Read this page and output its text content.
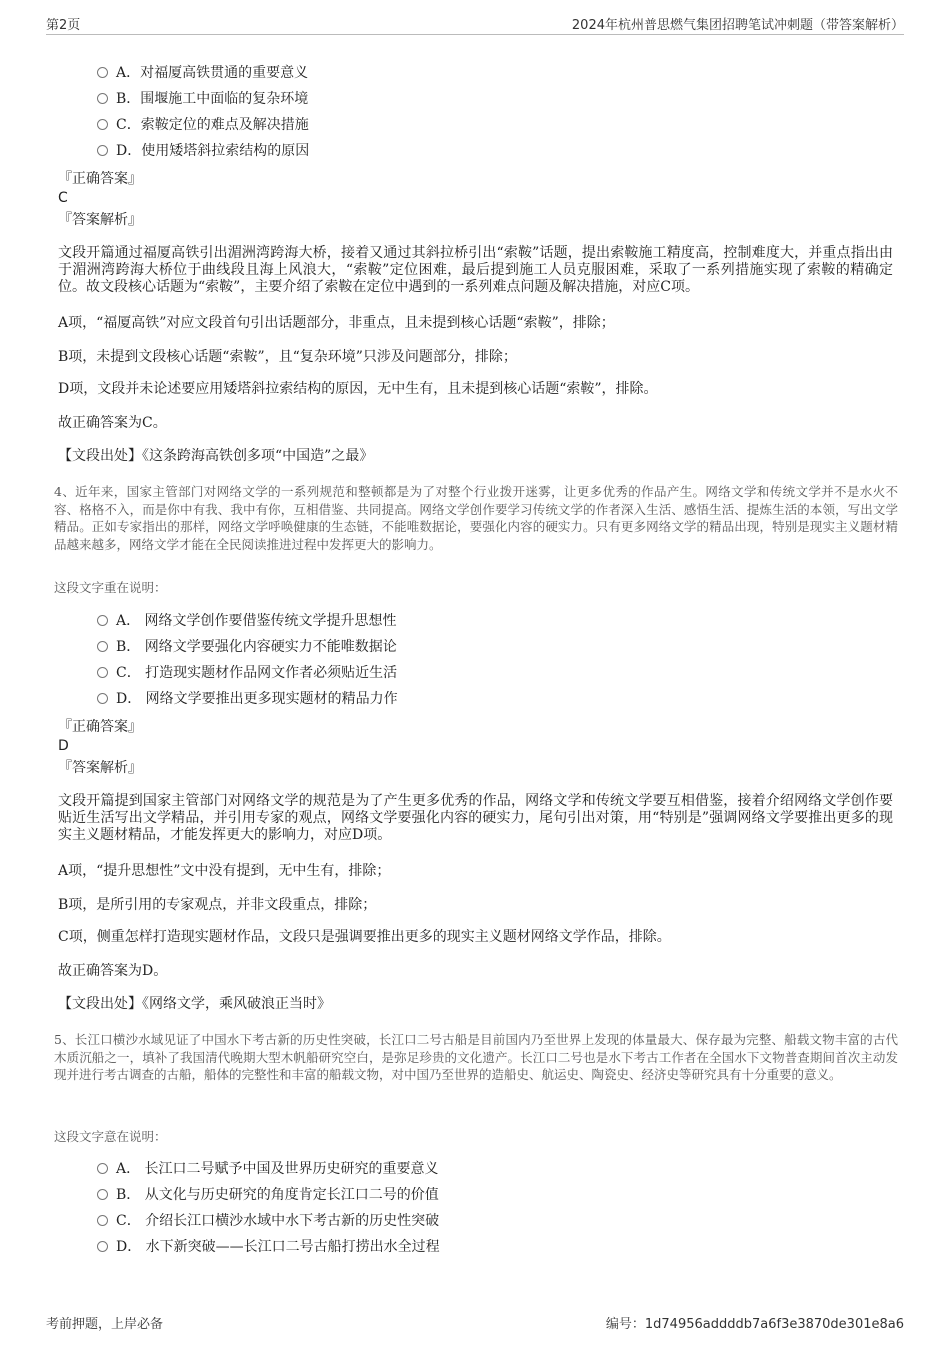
第2页	2024年杭州普思燃气集团招聘笔试冲刺题（带答案解析）
A．对福厦高铁贯通的重要意义
B．围堰施工中面临的复杂环境
C．索鞍定位的难点及解决措施
D．使用矮塔斜拉索结构的原因
『正确答案』
C
『答案解析』
文段开篇通过福厦高铁引出湄洲湾跨海大桥，接着又通过其斜拉桥引出“索鞍”话题，提出索鞍施工精度高，控制难度大，并重点指出由于湄洲湾跨海大桥位于曲线段且海上风浪大，“索鞍”定位困难，最后提到施工人员克服困难，采取了一系列措施实现了索鞍的精确定位。故文段核心话题为“索鞍”，主要介绍了索鞍在定位中遇到的一系列难点问题及解决措施，对应C项。
A项，“福厦高铁”对应文段首句引出话题部分，非重点，且未提到核心话题“索鞍”，排除；
B项，未提到文段核心话题“索鞍”，且“复杂环境”只涉及问题部分，排除；
D项，文段并未论述要应用矮塔斜拉索结构的原因，无中生有，且未提到核心话题“索鞍”，排除。
故正确答案为C。
【文段出处】《这条跨海高铁创多项“中国造”之最》
4、近年来，国家主管部门对网络文学的一系列规范和整顿都是为了对整个行业拨开迷雾，让更多优秀的作品产生。网络文学和传统文学并不是水火不容、格格不入，而是你中有我、我中有你，互相借鉴、共同提高。网络文学创作要学习传统文学的作者深入生活、感悟生活、提炼生活的本领，写出文学精品。正如专家指出的那样，网络文学呼唤健康的生态链，不能唯数据论，要强化内容的硬实力。只有更多网络文学的精品出现，特别是现实主义题材精品越来越多，网络文学才能在全民阅读推进过程中发挥更大的影响力。
这段文字重在说明：
A． 网络文学创作要借鉴传统文学提升思想性
B． 网络文学要强化内容硬实力不能唯数据论
C． 打造现实题材作品网文作者必须贴近生活
D． 网络文学要推出更多现实题材的精品力作
『正确答案』
D
『答案解析』
文段开篇提到国家主管部门对网络文学的规范是为了产生更多优秀的作品，网络文学和传统文学要互相借鉴，接着介绍网络文学创作要贴近生活写出文学精品，并引用专家的观点，网络文学要强化内容的硬实力，尾句引出对策，用“特别是”强调网络文学要推出更多的现实主义题材精品，才能发挥更大的影响力，对应D项。
A项，“提升思想性”文中没有提到，无中生有，排除；
B项，是所引用的专家观点，并非文段重点，排除；
C项，侧重怎样打造现实题材作品，文段只是强调要推出更多的现实主义题材网络文学作品，排除。
故正确答案为D。
【文段出处】《网络文学，乘风破浪正当时》
5、长江口横沙水域见证了中国水下考古新的历史性突破，长江口二号古船是目前国内乃至世界上发现的体量最大、保存最为完整、船载文物丰富的古代木质沉船之一，填补了我国清代晚期大型木帆船研究空白，是弥足珍贵的文化遗产。长江口二号也是水下考古工作者在全国水下文物普查期间首次主动发现并进行考古调查的古船，船体的完整性和丰富的船载文物，对中国乃至世界的造船史、航运史、陶瓷史、经济史等研究具有十分重要的意义。
这段文字意在说明：
A． 长江口二号赋予中国及世界历史研究的重要意义
B． 从文化与历史研究的角度肯定长江口二号的价值
C． 介绍长江口横沙水域中水下考古新的历史性突破
D． 水下新突破——长江口二号古船打捞出水全过程
考前押题，上岸必备	编号：1d74956addddb7a6f3e3870de301e8a6
